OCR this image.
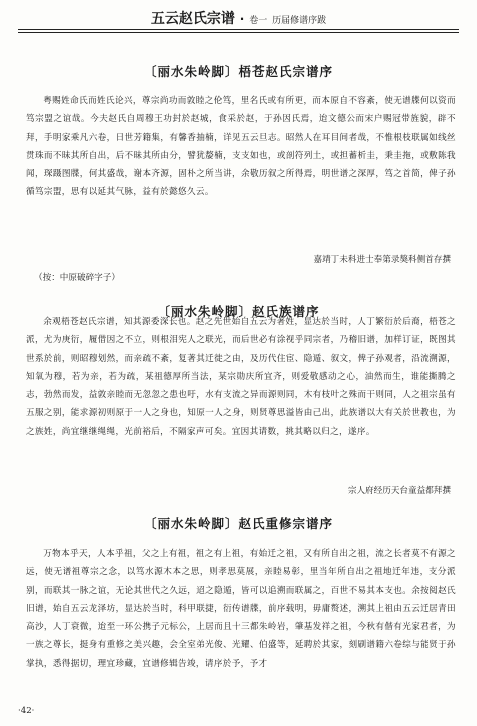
五云赵氏宗谱 · 卷一 历届修谱序跋
〔丽水朱岭脚〕梧苍赵氏宗谱序
粤赐姓命氏而姓氏论兴，尊宗尚功而敦睦之伦笃，里名氏或有所更，而本原自不容紊，使无谱牒何以资而笃宗盟之谊哉。今夫赵氏自周穆王功封於赵城，食采於赵，于孙因氏焉，迨文德公而宋户赐冠带旌貌，辟不拜，手明家乘凡六卷，日世芳籍集，有馨香抽楠，详见五云旦志。昭然人在耳目间者哉，不惟根枝联属如线丝贯珠而不昧其所自出，后不昧其所由分，譬犹嫠楠，支支如也，或剖符列土，或担蓄析圭，秉圭拖，或敷陈我闻，琛蹑图牒，何其盛哉，谢本齐源，固朴之所当讲，余敬历叙之所得焉，明世谱之深厚，笃之首简，俾子孙循笃宗盟，思有以延其气脉，益有於懿悠久云。
嘉靖丁未科进士奉第录獒科侧首存撰
（按：中原破碎字子）
〔丽水朱岭脚〕赵氏族谱序
余观梧苍赵氏宗谱，知其源委深长也。赵之先世始自五云为著姓，显达於当时，人丁繁衍於后裔，梧苍之派，尤为庚衍，履借因之不立，则根泪宪人之联光，而后世必有涂视乎同宗者，乃稽旧谱，加样订证，既图其世系於前，则昭穆划然，而亲疏不紊，复著其迁徙之由，及历代住宦、隐遁、叙文，俾子孙观者，沿流溯源，知氧为穆，若为亲，若为疏，某祖德厚所当法，某宗勋庆所宜齐，则爱敬感动之心，油然而生，谁能撕腾之志，勃然而发，益敦亲睦而无忽忽之患也吁，水有支流之异而源则同，木有枝叶之殊而干则同，人之祖宗虽有五服之别，能求源初则原于一人之身也，知原一人之身，则贤尊思溢皆由己出，此族谱以大有关於世教也，为之族姓，尚宜继继绳绳，光前裕后，不隔家声可矣。宜因其请数，挑其略以归之，遂序。
宗人府经历天台童益都拜撰
〔丽水朱岭脚〕赵氏重修宗谱序
万物本乎天，人本乎祖，父之上有祖，祖之有上祖，有始迁之祖，又有所自出之祖，流之长者莫不有源之远，使无谱祖尊宗之念，以笃水源木本之思，则孝思莫展，亲睦易彰，里当年所自出之祖地迁年违，支分派别，而联其一脉之谊，无论其世代之久远，迢之隐遁，皆可以追溯而联属之，百世不易其本支也。余按阅赵氏旧谱，始自五云龙泽坊，显达於当时，科甲联捷，衍传谱牒，前序载明，毋庸赘述，溯其上祖由五云迁居青田高沙，人丁衰微，迨至一环公携子元标公，上居而且十三都朱岭岩，肇基发祥之祖，今秋有偕有光家君者，为一族之尊长，挺身有重修之美兴趣，会全室弟光俊、光耀、伯盛等，延聘於其家，刻刷谱籍六卷综与能贤于孙掌执，悉得据切，理宜珍藏，宜谱修辑告竣，请序於予，予才
·42·
